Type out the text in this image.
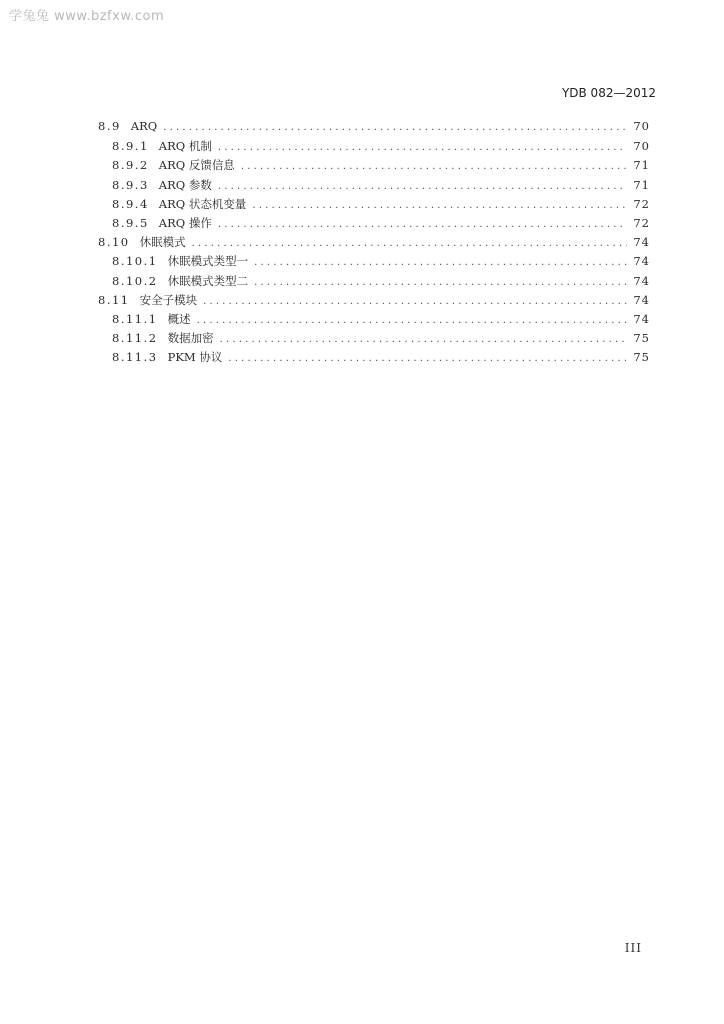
学兔兔 www.bzfxw.com
YDB 082—2012
8.9 ARQ .....	70
8.9.1 ARQ 机制 .....	70
8.9.2 ARQ 反馈信息 .....	71
8.9.3 ARQ 参数 .....	71
8.9.4 ARQ 状态机变量 .....	72
8.9.5 ARQ 操作 .....	72
8.10 休眠模式 .....	74
8.10.1 休眠模式类型一 .....	74
8.10.2 休眠模式类型二 .....	74
8.11 安全子模块 .....	74
8.11.1 概述 .....	74
8.11.2 数据加密 .....	75
8.11.3 PKM 协议 .....	75
III
